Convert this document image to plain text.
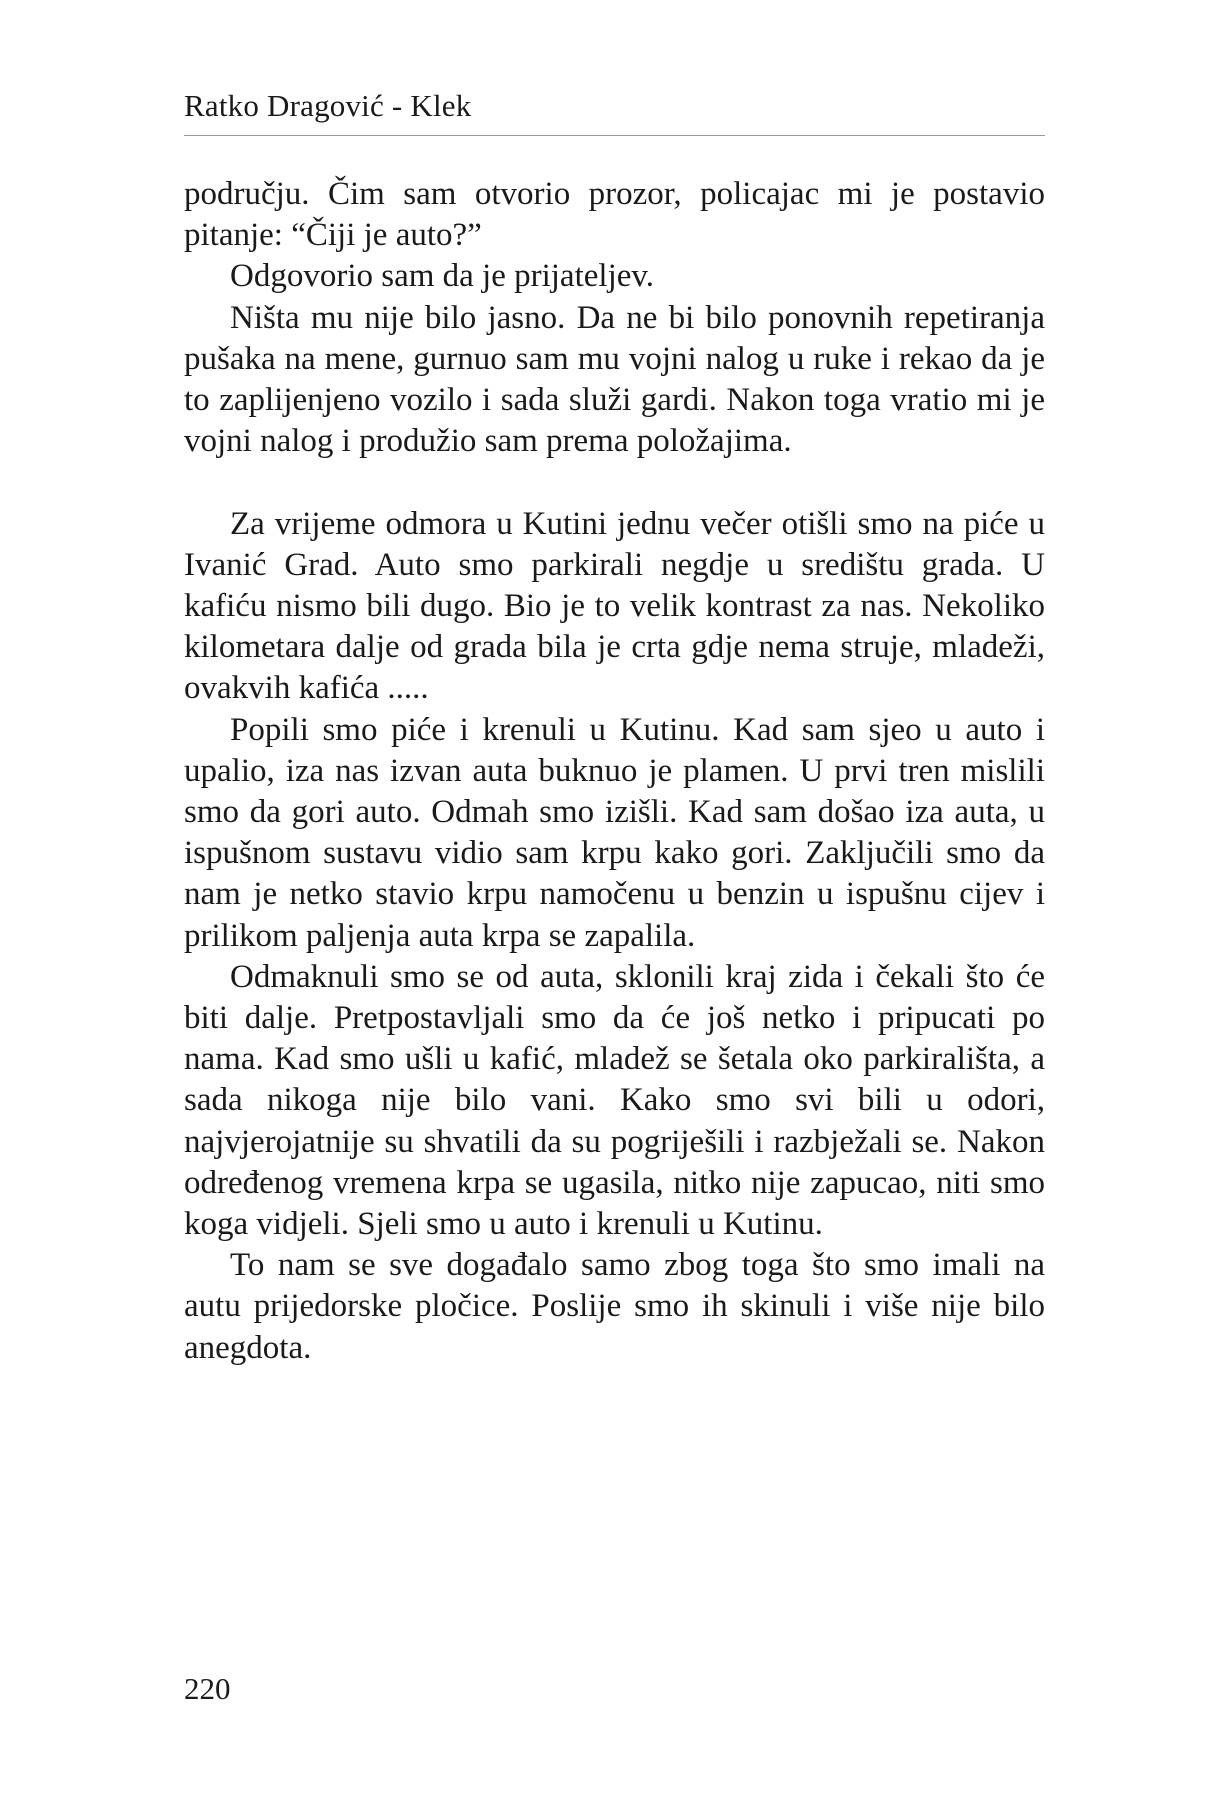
Ratko Dragović - Klek

području. Čim sam otvorio prozor, policajac mi je postavio pitanje: “Čiji je auto?”

Odgovorio sam da je prijateljev.

Ništa mu nije bilo jasno. Da ne bi bilo ponovnih repetiranja pušaka na mene, gurnuo sam mu vojni nalog u ruke i rekao da je to zaplijenjeno vozilo i sada služi gardi. Nakon toga vratio mi je vojni nalog i produžio sam prema položajima.

Za vrijeme odmora u Kutini jednu večer otišli smo na piće u Ivanić Grad. Auto smo parkirali negdje u središtu grada. U kafiću nismo bili dugo. Bio je to velik kontrast za nas. Nekoliko kilometara dalje od grada bila je crta gdje nema struje, mladeži, ovakvih kafića .....

Popili smo piće i krenuli u Kutinu. Kad sam sjeo u auto i upalio, iza nas izvan auta buknuo je plamen. U prvi tren mislili smo da gori auto. Odmah smo izišli. Kad sam došao iza auta, u ispušnom sustavu vidio sam krpu kako gori. Zaključili smo da nam je netko stavio krpu namočenu u benzin u ispušnu cijev i prilikom paljenja auta krpa se zapalila.

Odmaknuli smo se od auta, sklonili kraj zida i čekali što će biti dalje. Pretpostavljali smo da će još netko i pripucati po nama. Kad smo ušli u kafić, mladež se šetala oko parkirališta, a sada nikoga nije bilo vani. Kako smo svi bili u odori, najvjerojatnije su shvatili da su pogriješili i razbježali se. Nakon određenog vremena krpa se ugasila, nitko nije zapucao, niti smo koga vidjeli. Sjeli smo u auto i krenuli u Kutinu.

To nam se sve događalo samo zbog toga što smo imali na autu prijedorske pločice. Poslije smo ih skinuli i više nije bilo anegdota.

220
